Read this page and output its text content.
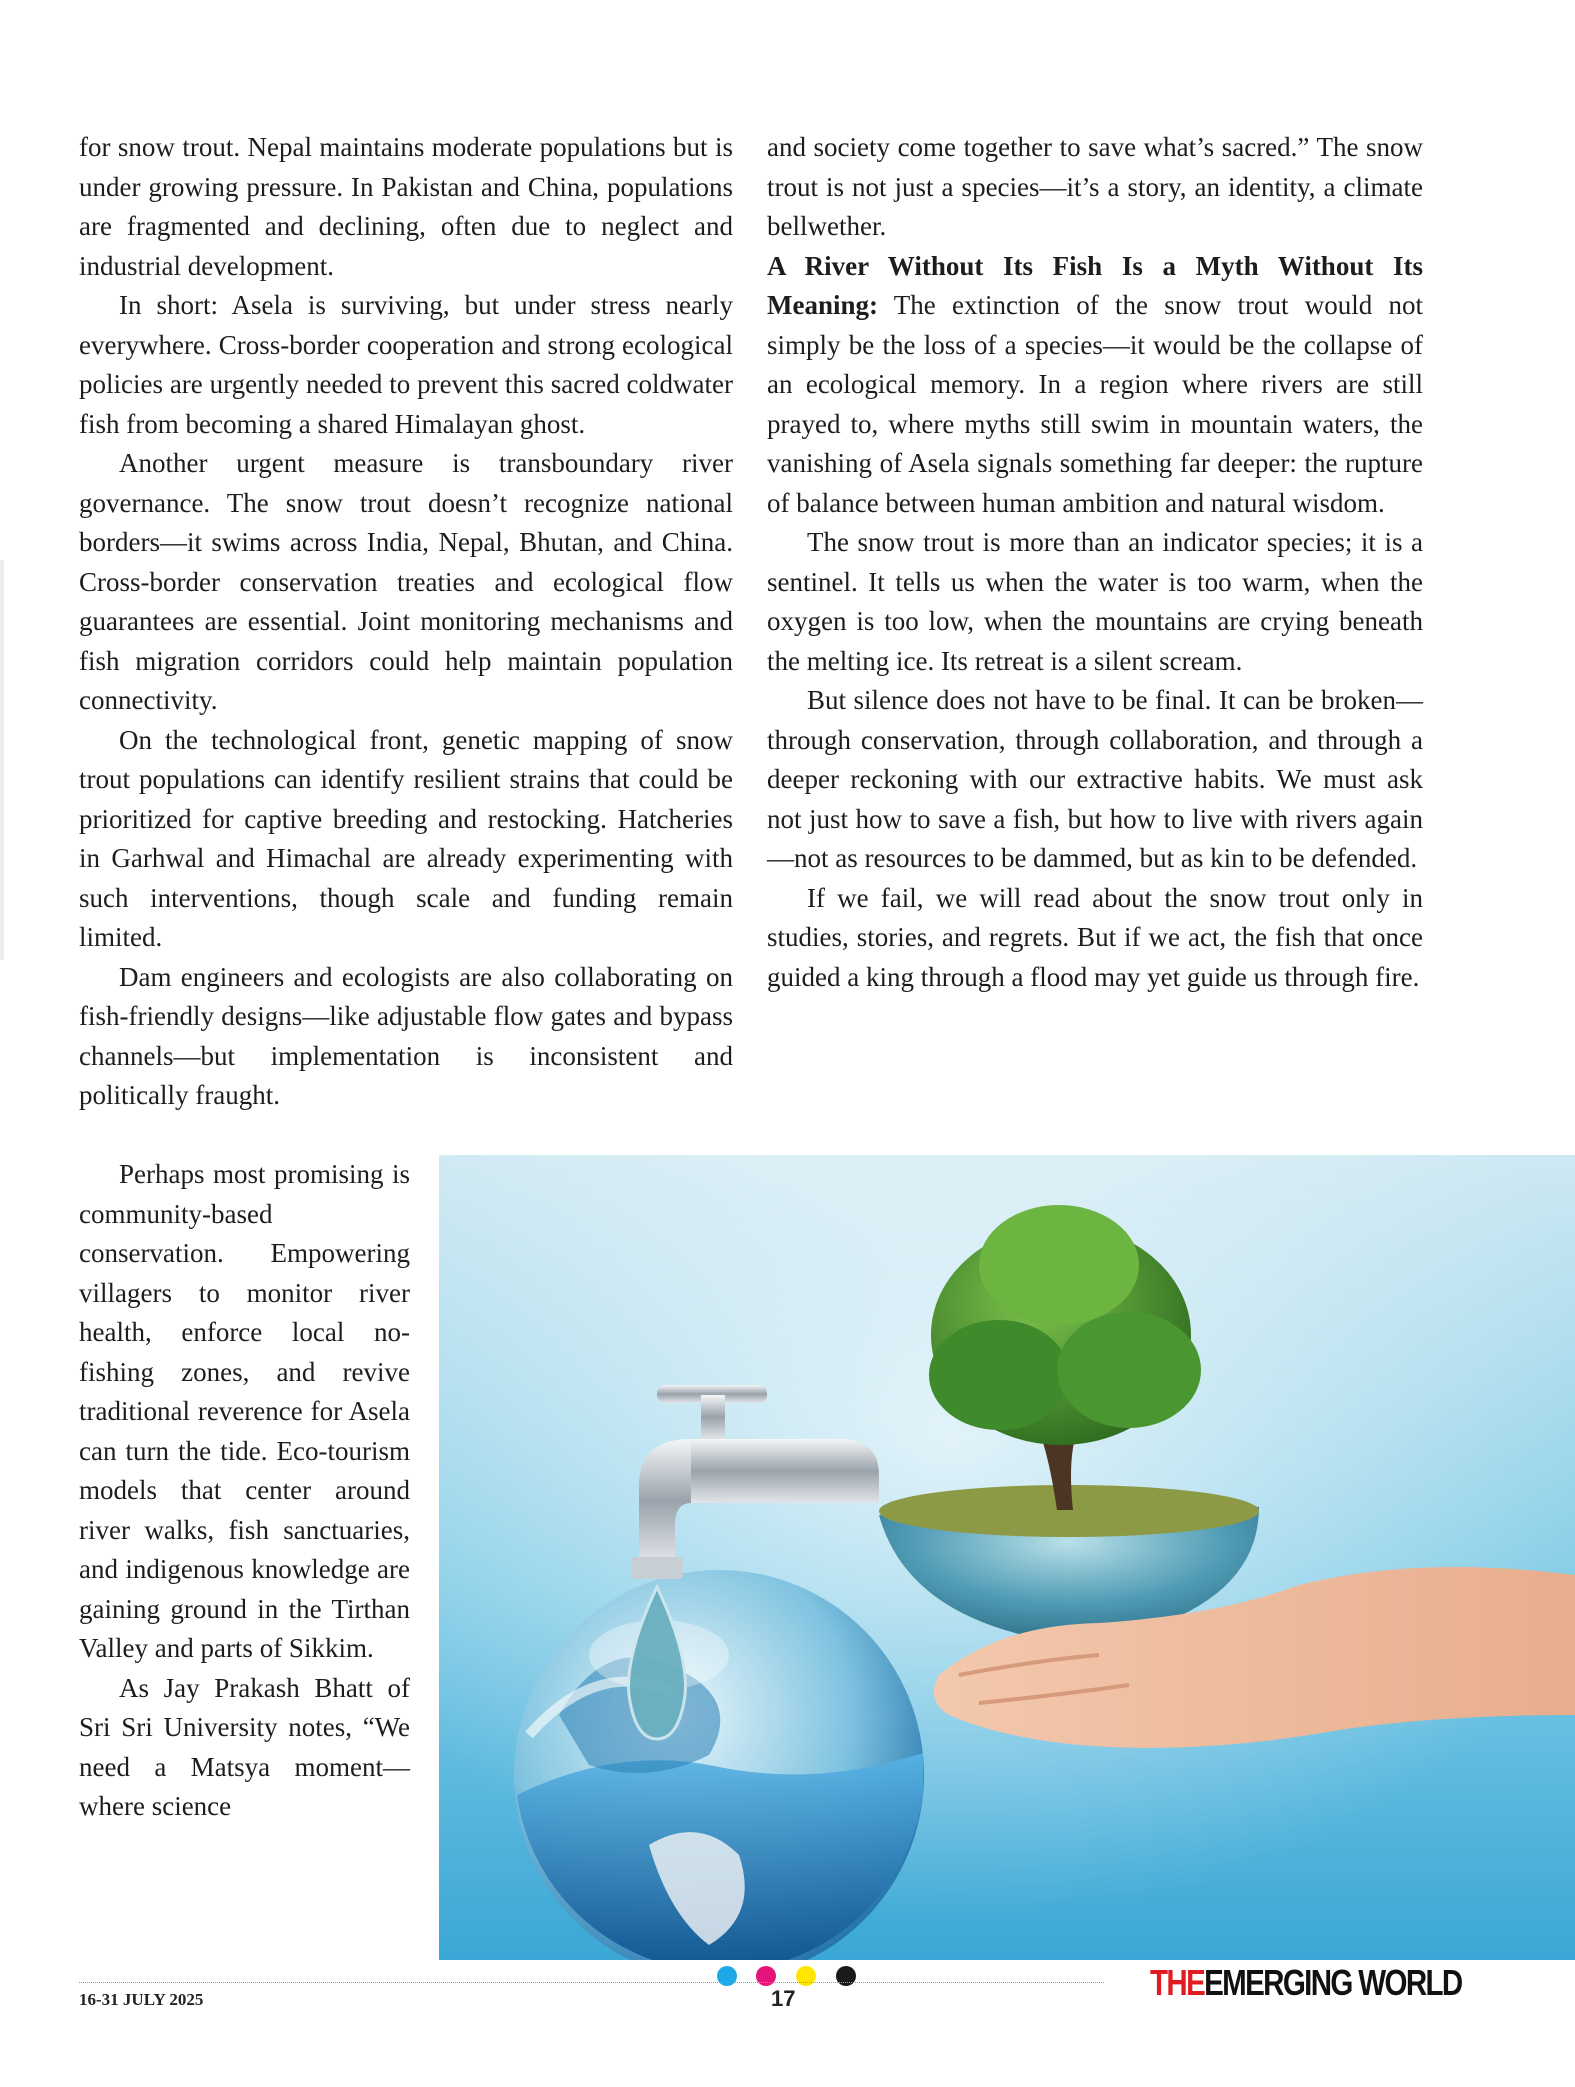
for snow trout. Nepal maintains moderate populations but is under growing pressure. In Pakistan and China, populations are fragmented and declining, often due to neglect and industrial development.

In short: Asela is surviving, but under stress nearly everywhere. Cross-border cooperation and strong ecological policies are urgently needed to prevent this sacred coldwater fish from becoming a shared Himalayan ghost.

Another urgent measure is transboundary river governance. The snow trout doesn’t recognize national borders—it swims across India, Nepal, Bhutan, and China. Cross-border conservation treaties and ecological flow guarantees are essential. Joint monitoring mechanisms and fish migration corridors could help maintain population connectivity.

On the technological front, genetic mapping of snow trout populations can identify resilient strains that could be prioritized for captive breeding and restocking. Hatcheries in Garhwal and Himachal are already experimenting with such interventions, though scale and funding remain limited.

Dam engineers and ecologists are also collaborating on fish-friendly designs—like adjustable flow gates and bypass channels—but implementation is inconsistent and politically fraught.

Perhaps most promising is community-based conservation. Empowering villagers to monitor river health, enforce local no-fishing zones, and revive traditional reverence for Asela can turn the tide. Eco-tourism models that center around river walks, fish sanctuaries, and indigenous knowledge are gaining ground in the Tirthan Valley and parts of Sikkim.

As Jay Prakash Bhatt of Sri Sri University notes, “We need a Matsya moment—where science

and society come together to save what’s sacred.” The snow trout is not just a species—it’s a story, an identity, a climate bellwether.

A River Without Its Fish Is a Myth Without Its Meaning: The extinction of the snow trout would not simply be the loss of a species—it would be the collapse of an ecological memory. In a region where rivers are still prayed to, where myths still swim in mountain waters, the vanishing of Asela signals something far deeper: the rupture of balance between human ambition and natural wisdom.

The snow trout is more than an indicator species; it is a sentinel. It tells us when the water is too warm, when the oxygen is too low, when the mountains are crying beneath the melting ice. Its retreat is a silent scream.

But silence does not have to be final. It can be broken—through conservation, through collaboration, and through a deeper reckoning with our extractive habits. We must ask not just how to save a fish, but how to live with rivers again—not as resources to be dammed, but as kin to be defended.

If we fail, we will read about the snow trout only in studies, stories, and regrets. But if we act, the fish that once guided a king through a flood may yet guide us through fire.

16-31 JULY 2025	17	THEEMERGING WORLD
